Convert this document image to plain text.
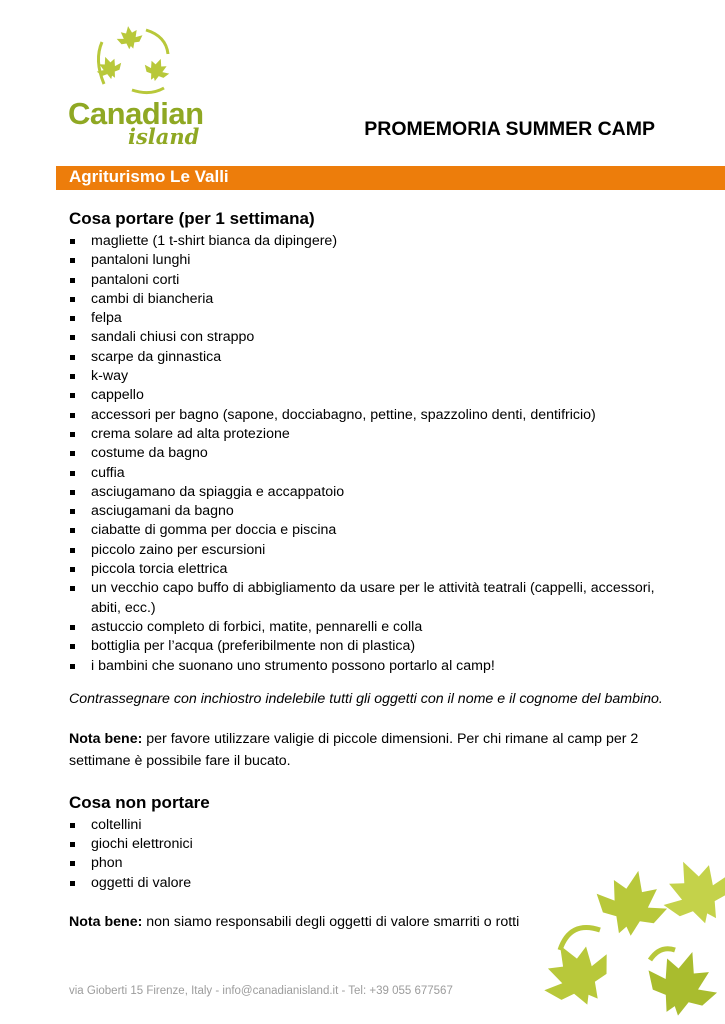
Canadian
island	PROMEMORIA SUMMER CAMP
Agriturismo Le Valli
Cosa portare (per 1 settimana)
magliette (1 t-shirt bianca da dipingere)
pantaloni lunghi
pantaloni corti
cambi di biancheria
felpa
sandali chiusi con strappo
scarpe da ginnastica
k-way
cappello
accessori per bagno (sapone, docciabagno, pettine, spazzolino denti, dentifricio)
crema solare ad alta protezione
costume da bagno
cuffia
asciugamano da spiaggia e accappatoio
asciugamani da bagno
ciabatte di gomma per doccia e piscina
piccolo zaino per escursioni
piccola torcia elettrica
un vecchio capo buffo di abbigliamento da usare per le attività teatrali (cappelli, accessori, abiti, ecc.)
astuccio completo di forbici, matite, pennarelli e colla
bottiglia per l’acqua (preferibilmente non di plastica)
i bambini che suonano uno strumento possono portarlo al camp!

Contrassegnare con inchiostro indelebile tutti gli oggetti con il nome e il cognome del bambino.

Nota bene: per favore utilizzare valigie di piccole dimensioni. Per chi rimane al camp per 2 settimane è possibile fare il bucato.

Cosa non portare
coltellini
giochi elettronici
phon
oggetti di valore

Nota bene: non siamo responsabili degli oggetti di valore smarriti o rotti

via Gioberti 15 Firenze, Italy - info@canadianisland.it - Tel: +39 055 677567
